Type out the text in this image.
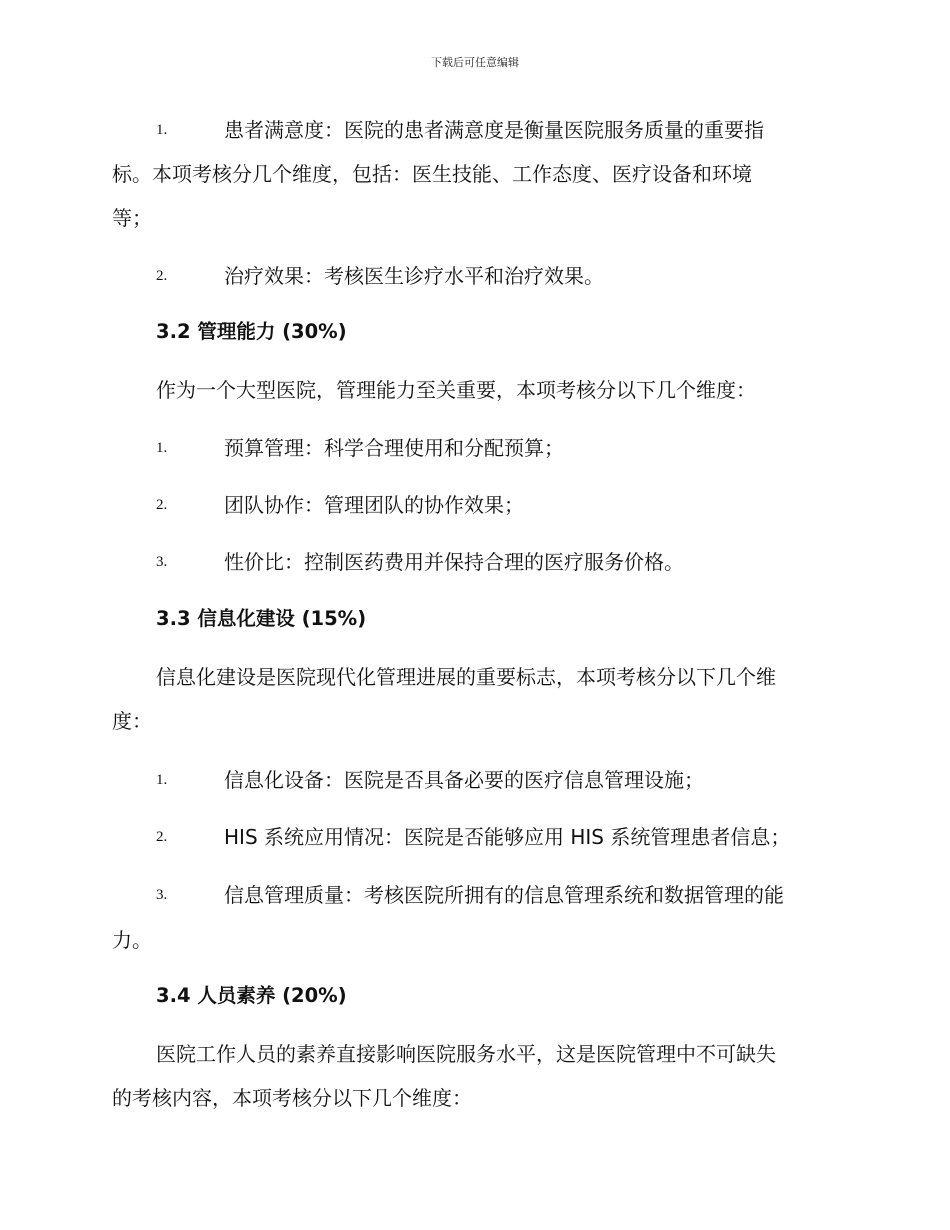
下载后可任意编辑
1.	患者满意度：医院的患者满意度是衡量医院服务质量的重要指
标。本项考核分几个维度，包括：医生技能、工作态度、医疗设备和环境
等；
2.	治疗效果：考核医生诊疗水平和治疗效果。
3.2 管理能力 (30%)
作为一个大型医院，管理能力至关重要，本项考核分以下几个维度：
1.	预算管理：科学合理使用和分配预算；
2.	团队协作：管理团队的协作效果；
3.	性价比：控制医药费用并保持合理的医疗服务价格。
3.3 信息化建设 (15%)
信息化建设是医院现代化管理进展的重要标志，本项考核分以下几个维
度：
1.	信息化设备：医院是否具备必要的医疗信息管理设施；
2.	HIS 系统应用情况：医院是否能够应用 HIS 系统管理患者信息；
3.	信息管理质量：考核医院所拥有的信息管理系统和数据管理的能
力。
3.4 人员素养 (20%)
医院工作人员的素养直接影响医院服务水平，这是医院管理中不可缺失
的考核内容，本项考核分以下几个维度：
